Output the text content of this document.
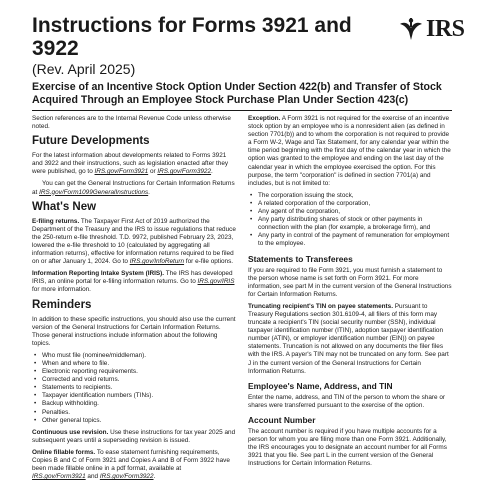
Instructions for Forms 3921 and 3922

(Rev. April 2025)

Exercise of an Incentive Stock Option Under Section 422(b) and Transfer of Stock Acquired Through an Employee Stock Purchase Plan Under Section 423(c)

IRS

Section references are to the Internal Revenue Code unless otherwise noted.

Future Developments

For the latest information about developments related to Forms 3921 and 3922 and their instructions, such as legislation enacted after they were published, go to IRS.gov/Form3921 or IRS.gov/Form3922.

You can get the General Instructions for Certain Information Returns at IRS.gov/Form1099GeneralInstructions.

What's New

E-filing returns. The Taxpayer First Act of 2019 authorized the Department of the Treasury and the IRS to issue regulations that reduce the 250-return e-file threshold. T.D. 9972, published February 23, 2023, lowered the e-file threshold to 10 (calculated by aggregating all information returns), effective for information returns required to be filed on or after January 1, 2024. Go to IRS.gov/InfoReturn for e-file options.

Information Reporting Intake System (IRIS). The IRS has developed IRIS, an online portal for e-filing information returns. Go to IRS.gov/IRIS for more information.

Reminders

In addition to these specific instructions, you should also use the current version of the General Instructions for Certain Information Returns. Those general instructions include information about the following topics.

• Who must file (nominee/middleman).
• When and where to file.
• Electronic reporting requirements.
• Corrected and void returns.
• Statements to recipients.
• Taxpayer identification numbers (TINs).
• Backup withholding.
• Penalties.
• Other general topics.

Continuous use revision. Use these instructions for tax year 2025 and subsequent years until a superseding revision is issued.

Online fillable forms. To ease statement furnishing requirements, Copies B and C of Form 3921 and Copies A and B of Form 3922 have been made fillable online in a pdf format, available at IRS.gov/Form3921 and IRS.gov/Form3922.

Exception. A Form 3921 is not required for the exercise of an incentive stock option by an employee who is a nonresident alien (as defined in section 7701(b)) and to whom the corporation is not required to provide a Form W-2, Wage and Tax Statement, for any calendar year within the time period beginning with the first day of the calendar year in which the option was granted to the employee and ending on the last day of the calendar year in which the employee exercised the option. For this purpose, the term "corporation" is defined in section 7701(a) and includes, but is not limited to:

• The corporation issuing the stock,
• A related corporation of the corporation,
• Any agent of the corporation,
• Any party distributing shares of stock or other payments in connection with the plan (for example, a brokerage firm), and
• Any party in control of the payment of remuneration for employment to the employee.
Statements to Transferees

If you are required to file Form 3921, you must furnish a statement to the person whose name is set forth on Form 3921. For more information, see part M in the current version of the General Instructions for Certain Information Returns.

Truncating recipient's TIN on payee statements. Pursuant to Treasury Regulations section 301.6109-4, all filers of this form may truncate a recipient's TIN (social security number (SSN), individual taxpayer identification number (ITIN), adoption taxpayer identification number (ATIN), or employer identification number (EIN)) on payee statements. Truncation is not allowed on any documents the filer files with the IRS. A payer's TIN may not be truncated on any form. See part J in the current version of the General Instructions for Certain Information Returns.

Employee's Name, Address, and TIN

Enter the name, address, and TIN of the person to whom the share or shares were transferred pursuant to the exercise of the option.

Account Number

The account number is required if you have multiple accounts for a person for whom you are filing more than one Form 3921. Additionally, the IRS encourages you to designate an account number for all Forms 3921 that you file. See part L in the current version of the General Instructions for Certain Information Returns.
